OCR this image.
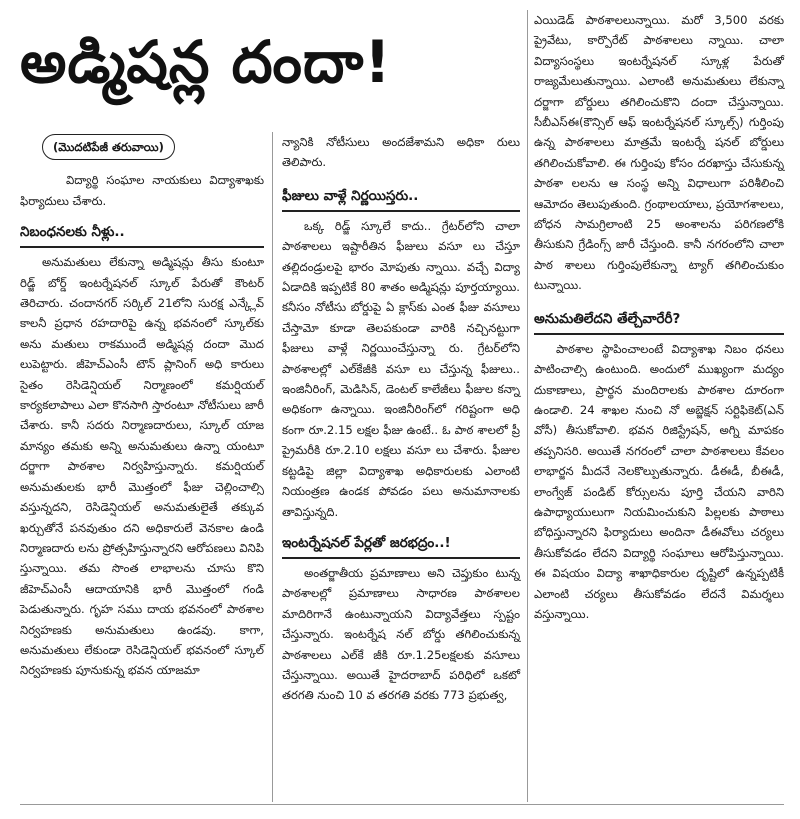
అడ్మిషన్ల దందా!
(మొదటిపేజీ తరువాయి)

విద్యార్థి సంఘాల నాయకులు విద్యాశాఖకు ఫిర్యాదులు చేశారు.

నిబంధనలకు నీళ్లు..

అనుమతులు లేకున్నా అడ్మిషన్లు తీసు కుంటూ రిడ్జ్ బోర్డ్ ఇంటర్నేషనల్ స్కూల్ పేరుతో కౌంటర్ తెరిచారు. చందానగర్ సర్కిల్ 21లోని సురక్ష ఎన్క్లేవ్ కాలనీ ప్రధాన రహదారిపై ఉన్న భవనంలో స్కూల్‌కు అను మతులు రాకముందే అడ్మిషన్ల దందా మొద లుపెట్టారు. జీహెచ్ఎంసీ టౌన్ ప్లానింగ్ అధి కారులు సైతం రెసిడెన్షియల్ నిర్మాణంలో కమర్షియల్ కార్యకలాపాలు ఎలా కొనసాగి స్తారంటూ నోటీసులు జారీ చేశారు. కానీ సదరు నిర్మాణదారులు, స్కూల్ యాజ మాన్యం తమకు అన్ని అనుమతులు ఉన్నా యంటూ దర్జాగా పాఠశాల నిర్వహిస్తున్నారు. కమర్షియల్ అనుమతులకు భారీ మొత్తంలో ఫీజు చెల్లించాల్సి వస్తున్నదని, రెసిడెన్షియల్ అనుమతులైతే తక్కువ ఖర్చుతోనే పనవుతుం దని అధికారులే వెనకాల ఉండి నిర్మాణదారు లను ప్రోత్సహిస్తున్నారని ఆరోపణలు వినిపి స్తున్నాయి. తమ సొంత లాభాలను చూసు కొని జీహెచ్ఎంసీ ఆదాయానికి భారీ మొత్తంలో గండి పెడుతున్నారు. గృహ సము దాయ భవనంలో పాఠశాల నిర్వహణకు అనుమతులు ఉండవు. కాగా, అనుమతులు లేకుండా రెసిడెన్షియల్ భవనంలో స్కూల్ నిర్వహణకు పూనుకున్న భవన యాజమా

న్యానికి నోటీసులు అందజేశామని అధికా రులు తెలిపారు.

ఫీజులు వాళ్లే నిర్ణయిస్తరు..

ఒక్క రిడ్జ్ స్కూలే కాదు.. గ్రేటర్‌లోని చాలా పాఠశాలలు ఇష్టారీతిన ఫీజులు వసూ లు చేస్తూ తల్లిదండ్రులపై భారం మోపుతు న్నాయి. వచ్చే విద్యా ఏడాదికి ఇప్పటికే 80 శాతం అడ్మిషన్లు పూర్తయ్యాయి. కనీసం నోటీసు బోర్డుపై ఏ క్లాస్‌కు ఎంత ఫీజు వసూలు చేస్తామో కూడా తెలపకుండా వారికి నచ్చినట్టుగా ఫీజులు వాళ్లే నిర్ణయించేస్తున్నా రు. గ్రేటర్‌లోని పాఠశాలల్లో ఎల్‌కేజీకి వసూ లు చేస్తున్న ఫీజులు.. ఇంజినీరింగ్, మెడిసిన్, డెంటల్ కాలేజీలు ఫీజుల కన్నా అధికంగా ఉన్నాయి. ఇంజినీరింగ్‌లో గరిష్టంగా అధి కంగా రూ.2.15 లక్షల ఫీజు ఉంటే.. ఓ పాఠ శాలలో ప్రీ ప్రైమరీకి రూ.2.10 లక్షలు వసూ లు చేశారు. ఫీజుల కట్టడిపై జిల్లా విద్యాశాఖ అధికారులకు ఎలాంటి నియంత్రణ ఉండక పోవడం పలు అనుమానాలకు తావిస్తున్నది.

ఇంటర్నేషనల్ పేర్లతో జరభద్రం..!

అంతర్జాతీయ ప్రమాణాలు అని చెప్తుకుం టున్న పాఠశాలల్లో ప్రమాణాలు సాధారణ పాఠశాలల మాదిరిగానే ఉంటున్నాయని విద్యావేత్తలు స్పష్టం చేస్తున్నారు. ఇంటర్నేష నల్ బోర్డు తగిలించుకున్న పాఠశాలలు ఎల్‌కే జీకి రూ.1.25లక్షలకు వసూలు చేస్తున్నాయి. అయితే హైదరాబాద్ పరిధిలో ఒకటో తరగతి నుంచి 10 వ తరగతి వరకు 773 ప్రభుత్వ,

ఎయిడెడ్ పాఠశాలలున్నాయి. మరో 3,500 వరకు ప్రైవేటు, కార్పొరేట్ పాఠశాలలు న్నాయి. చాలా విద్యాసంస్థలు ఇంటర్నేషనల్ స్కూళ్ల పేరుతో రాజ్యమేలుతున్నాయి. ఎలాంటి అనుమతులు లేకున్నా దర్జాగా బోర్డులు తగిలించుకొని దందా చేస్తున్నాయి. సీబీఎస్ఈ(కౌన్సిల్ ఆఫ్ ఇంటర్నేషనల్ స్కూల్స్) గుర్తింపు ఉన్న పాఠశాలలు మాత్రమే ఇంటర్నే షనల్ బోర్డులు తగిలించుకోవాలి. ఈ గుర్తింపు కోసం దరఖాస్తు చేసుకున్న పాఠశా లలను ఆ సంస్థ అన్ని విధాలుగా పరిశీలించి ఆమోదం తెలుపుతుంది. గ్రంథాలయాలు, ప్రయోగశాలలు, బోధన సామగ్రిలాంటి 25 అంశాలను పరిగణలోకి తీసుకుని గ్రేడింగ్స్ జారీ చేస్తుంది. కానీ నగరంలోని చాలా పాఠ శాలలు గుర్తింపులేకున్నా ట్యాగ్ తగిలించుకుం టున్నాయి.

అనుమతిలేదని తేల్చేవారేరీ?

పాఠశాల స్థాపించాలంటే విద్యాశాఖ నిబం ధనలు పాటించాల్సి ఉంటుంది. అందులో ముఖ్యంగా మద్యం దుకాణాలు, ప్రార్థన మందిరాలకు పాఠశాల దూరంగా ఉండాలి. 24 శాఖల నుంచి నో అబ్జెక్షన్ సర్టిఫికెట్(ఎన్ వోసీ) తీసుకోవాలి. భవన రిజిస్ట్రేషన్, అగ్ని మాపకం తప్పనిసరి. అయితే నగరంలో చాలా పాఠశాలలు కేవలం లాభార్జన మీదనే నెలకొల్పుతున్నారు. డీఈడీ, బీఈడీ, లాంగ్వేజ్ పండిట్ కోర్సులను పూర్తి చేయని వారిని ఉపాధ్యాయులుగా నియమించుకుని పిల్లలకు పాఠాలు బోధిస్తున్నారని ఫిర్యాదులు అందినా డీఈవోలు చర్యలు తీసుకోవడం లేదని విద్యార్థి సంఘాలు ఆరోపిస్తున్నాయి. ఈ విషయం విద్యా శాఖాధికారుల దృష్టిలో ఉన్నప్పటికీ ఎలాంటి చర్యలు తీసుకోవడం లేదనే విమర్శలు వస్తున్నాయి.
